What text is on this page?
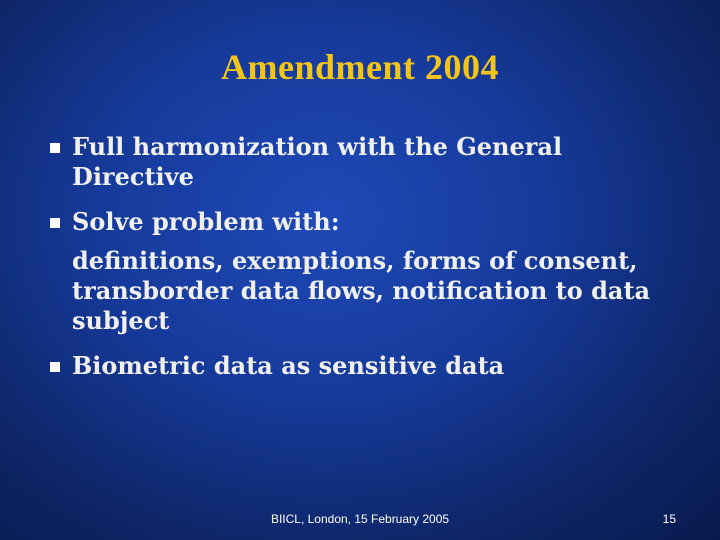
Amendment 2004
Full harmonization with the General
Directive
Solve problem with:
definitions, exemptions, forms of consent,
transborder data flows, notification to data
subject
Biometric data as sensitive data
BIICL, London, 15 February 2005	15
